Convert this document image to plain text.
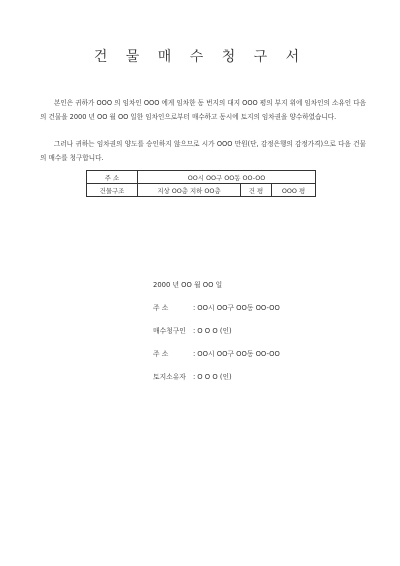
건 물 매 수 청 구 서
본인은 귀하가 OOO 의 임차인 OOO 에게 임차한 동 번지의 대지 OOO 평의 부지 위에 임차인의 소유인 다음의 건물을 2000 년 OO 월 OO 일한 임차인으로부터 매수하고 동시에 토지의 임차권을 양수하였습니다.
그러나 귀하는 임차권의 양도를 승인하지 않으므로 시가 OOO 만원(단, 감정은행의 감정가격)으로 다음 건물의 매수를 청구합니다.
주 소	OO시 OO구 OO동 OO-OO		
건물구조	지상 OO층 지하 OO층	건 평	OOO 평
2000 년 OO 월 OO 일
주 소	: OO시 OO구 OO동 OO-OO
매수청구인 : O O O (인)
주 소	: OO시 OO구 OO동 OO-OO
토지소유자 : O O O (인)
